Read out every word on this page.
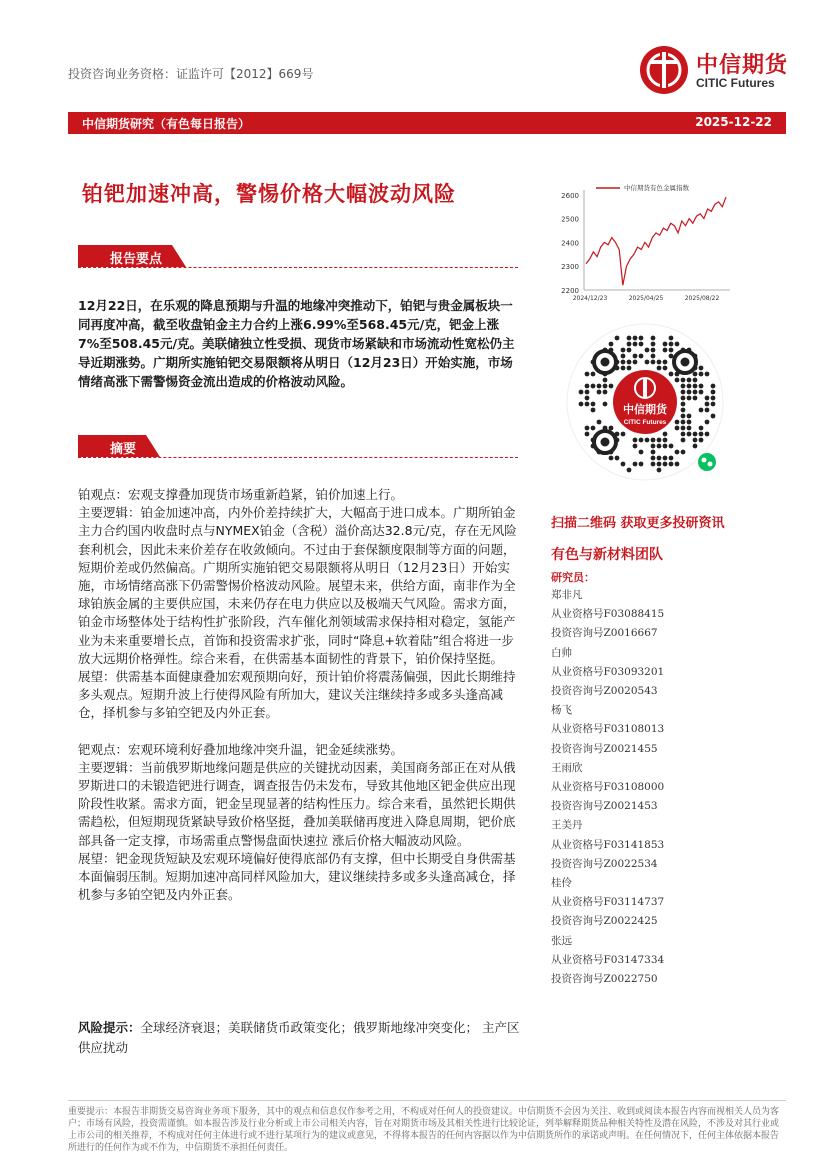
投资咨询业务资格：证监许可【2012】669号	中信期货
CITIC Futures
中信期货研究（有色每日报告）	2025-12-22
铂钯加速冲高，警惕价格大幅波动风险
报告要点
12月22日，在乐观的降息预期与升温的地缘冲突推动下，铂钯与贵金属板块一同再度冲高，截至收盘铂金主力合约上涨6.99%至568.45元/克，钯金上涨7%至508.45元/克。美联储独立性受损、现货市场紧缺和市场流动性宽松仍主导近期涨势。广期所实施铂钯交易限额将从明日（12月23日）开始实施，市场情绪高涨下需警惕资金流出造成的价格波动风险。
摘要

铂观点：宏观支撑叠加现货市场重新趋紧，铂价加速上行。

主要逻辑：铂金加速冲高，内外价差持续扩大，大幅高于进口成本。广期所铂金主力合约国内收盘时点与NYMEX铂金（含税）溢价高达32.8元/克，存在无风险套利机会，因此未来价差存在收敛倾向。不过由于套保额度限制等方面的问题，短期价差或仍然偏高。广期所实施铂钯交易限额将从明日（12月23日）开始实施，市场情绪高涨下仍需警惕价格波动风险。展望未来，供给方面，南非作为全球铂族金属的主要供应国，未来仍存在电力供应以及极端天气风险。需求方面，铂金市场整体处于结构性扩张阶段，汽车催化剂领域需求保持相对稳定，氢能产业为未来重要增长点，首饰和投资需求扩张，同时“降息+软着陆”组合将进一步放大远期价格弹性。综合来看，在供需基本面韧性的背景下，铂价保持坚挺。

展望：供需基本面健康叠加宏观预期向好，预计铂价将震荡偏强，因此长期维持多头观点。短期升波上行使得风险有所加大，建议关注继续持多或多头逢高减仓，择机参与多铂空钯及内外正套。

钯观点：宏观环境利好叠加地缘冲突升温，钯金延续涨势。

主要逻辑：当前俄罗斯地缘问题是供应的关键扰动因素，美国商务部正在对从俄罗斯进口的未锻造钯进行调查，调查报告仍未发布，导致其他地区钯金供应出现阶段性收紧。需求方面，钯金呈现显著的结构性压力。综合来看，虽然钯长期供需趋松，但短期现货紧缺导致价格坚挺，叠加美联储再度进入降息周期，钯价底部具备一定支撑，市场需重点警惕盘面快速拉 涨后价格大幅波动风险。

展望：钯金现货短缺及宏观环境偏好使得底部仍有支撑，但中长期受自身供需基本面偏弱压制。短期加速冲高同样风险加大，建议继续持多或多头逢高减仓，择机参与多铂空钯及内外正套。

风险提示：全球经济衰退；美联储货币政策变化；俄罗斯地缘冲突变化； 主产区供应扰动
2200
2300
2400
2500
2600
2024/12/23	2025/04/25	2025/08/22
中信期货有色金属指数
中信期货
CITIC Futures
扫描二维码 获取更多投研资讯
有色与新材料团队
研究员：
郑非凡
从业资格号F03088415
投资咨询号Z0016667
白帅
从业资格号F03093201
投资咨询号Z0020543
杨飞
从业资格号F03108013
投资咨询号Z0021455
王雨欣
从业资格号F03108000
投资咨询号Z0021453
王美丹
从业资格号F03141853
投资咨询号Z0022534
桂伶
从业资格号F03114737
投资咨询号Z0022425
张远
从业资格号F03147334
投资咨询号Z0022750
重要提示：本报告非期货交易咨询业务项下服务，其中的观点和信息仅作参考之用，不构成对任何人的投资建议。中信期货不会因为关注、收到或阅读本报告内容而视相关人员为客户；市场有风险，投资需谨慎。如本报告涉及行业分析或上市公司相关内容，旨在对期货市场及其相关性进行比较论证，列举解释期货品种相关特性及潜在风险，不涉及对其行业或上市公司的相关推荐，不构成对任何主体进行或不进行某项行为的建议或意见，不得将本报告的任何内容据以作为中信期货所作的承诺或声明。在任何情况下，任何主体依据本报告所进行的任何作为或不作为，中信期货不承担任何责任。
